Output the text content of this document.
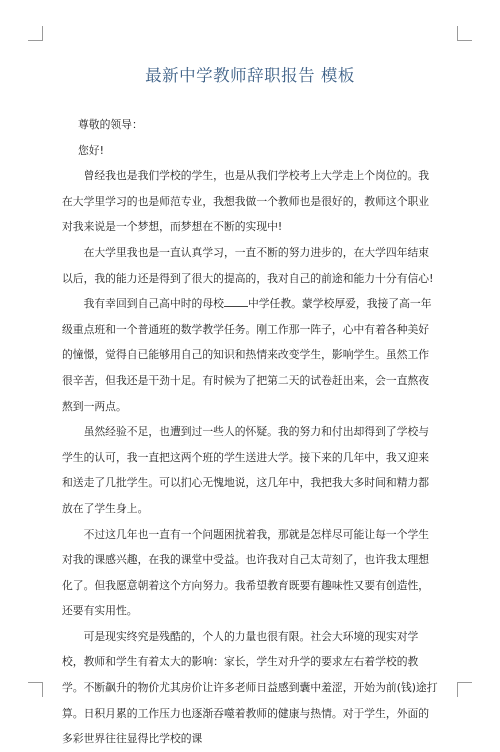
最新中学教师辞职报告 模板

尊敬的领导：

您好!

曾经我也是我们学校的学生，也是从我们学校考上大学走上个岗位的。我在大学里学习的也是师范专业，我想我做一个教师也是很好的，教师这个职业对我来说是一个梦想，而梦想在不断的实现中!

在大学里我也是一直认真学习，一直不断的努力进步的，在大学四年结束以后，我的能力还是得到了很大的提高的，我对自己的前途和能力十分有信心!

我有幸回到自己高中时的母校 中学任教。蒙学校厚爱，我接了高一年级重点班和一个普通班的数学教学任务。刚工作那一阵子，心中有着各种美好的憧憬，觉得自已能够用自己的知识和热情来改变学生，影响学生。虽然工作很辛苦，但我还是干劲十足。有时候为了把第二天的试卷赶出来，会一直熬夜熬到一两点。

虽然经验不足，也遭到过一些人的怀疑。我的努力和付出却得到了学校与学生的认可，我一直把这两个班的学生送进大学。接下来的几年中，我又迎来和送走了几批学生。可以扪心无愧地说，这几年中，我把我大多时间和精力都放在了学生身上。

不过这几年也一直有一个问题困扰着我，那就是怎样尽可能让每一个学生对我的课感兴趣，在我的课堂中受益。也许我对自己太苛刻了，也许我太理想化了。但我愿意朝着这个方向努力。我希望教育既要有趣味性又要有创造性，还要有实用性。

可是现实终究是残酷的，个人的力量也很有限。社会大环境的现实对学校，教师和学生有着太大的影响：家长，学生对升学的要求左右着学校的教学。不断飙升的物价尤其房价让许多老师日益感到囊中羞涩，开始为前(钱)途打算。日积月累的工作压力也逐渐吞噬着教师的健康与热情。对于学生，外面的多彩世界往往显得比学校的课
